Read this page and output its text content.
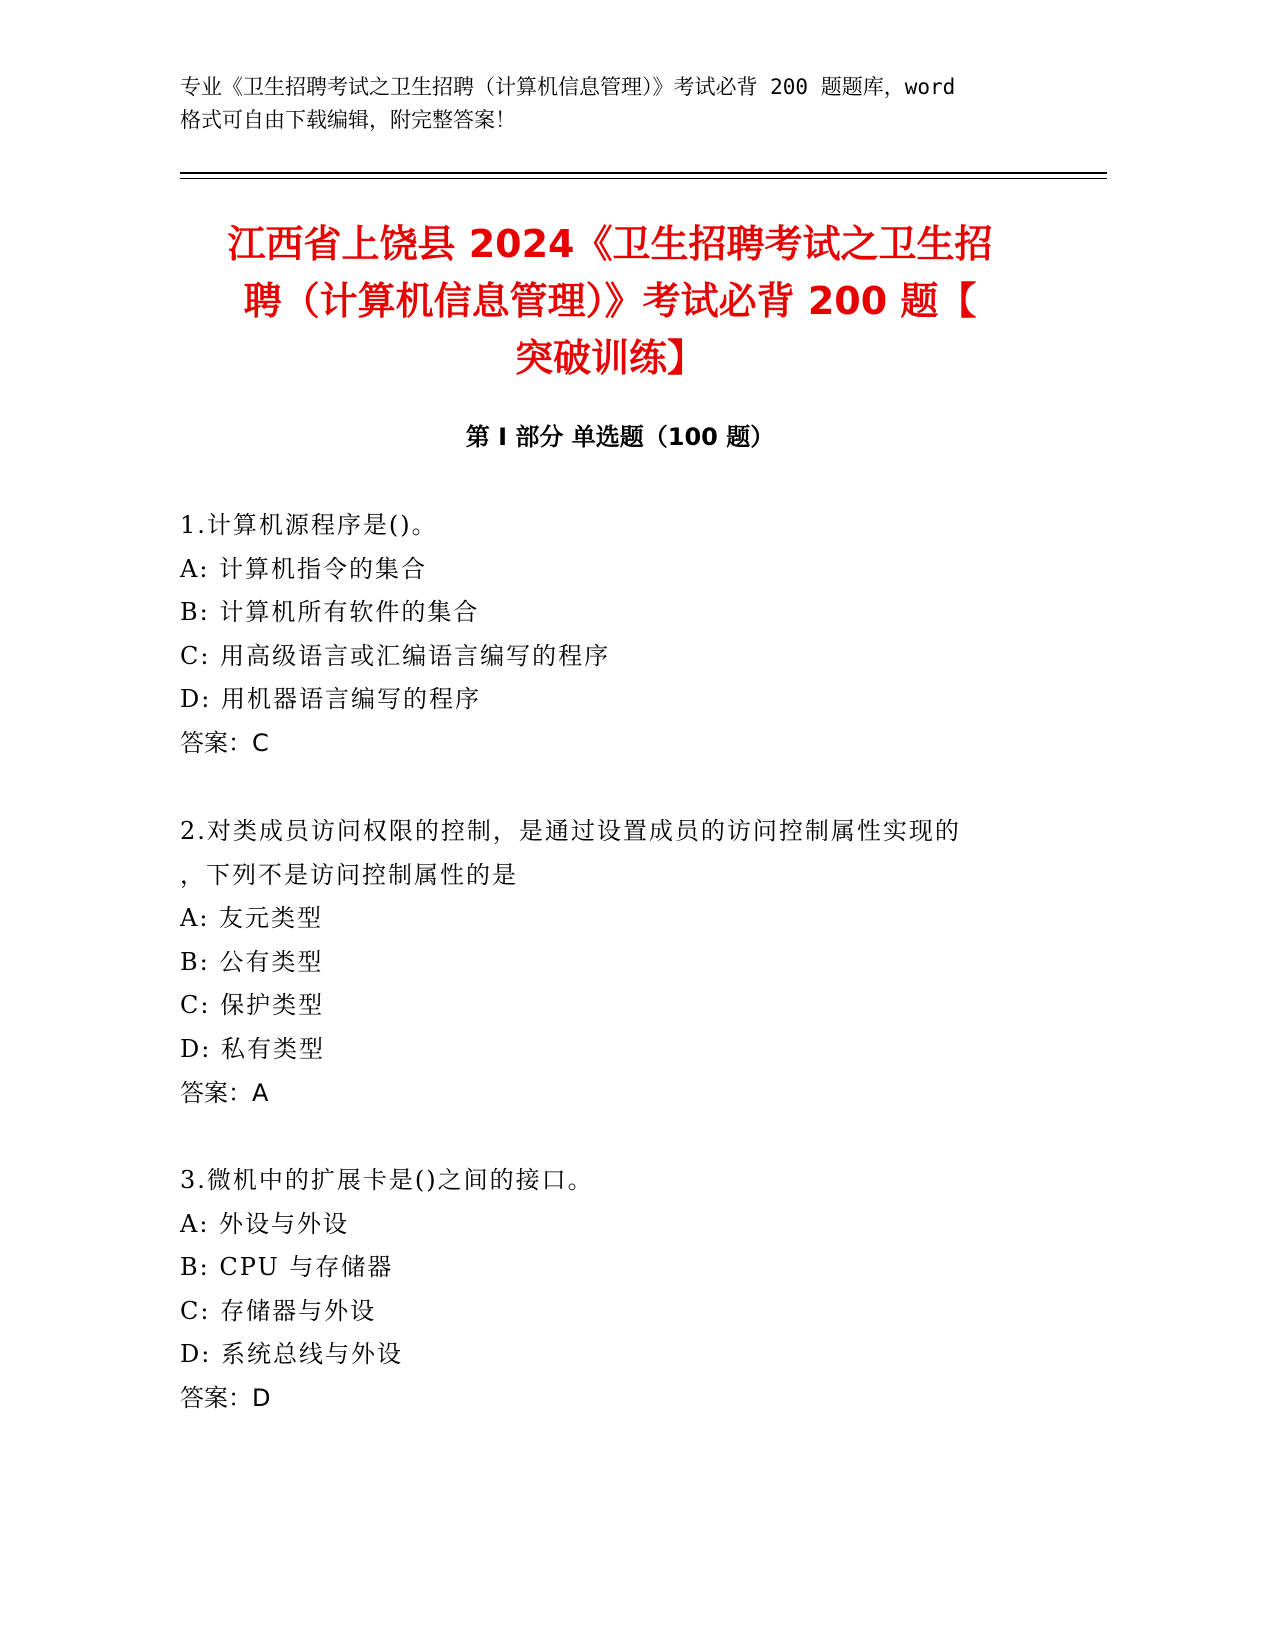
专业《卫生招聘考试之卫生招聘（计算机信息管理）》考试必背 200 题题库，word
格式可自由下载编辑，附完整答案！
江西省上饶县 2024《卫生招聘考试之卫生招
聘（计算机信息管理）》考试必背 200 题【
突破训练】
第 I 部分 单选题（100 题）
1.计算机源程序是()。
A: 计算机指令的集合
B: 计算机所有软件的集合
C: 用高级语言或汇编语言编写的程序
D: 用机器语言编写的程序
答案：C
2.对类成员访问权限的控制，是通过设置成员的访问控制属性实现的
，下列不是访问控制属性的是
A: 友元类型
B: 公有类型
C: 保护类型
D: 私有类型
答案：A
3.微机中的扩展卡是()之间的接口。
A: 外设与外设
B: CPU 与存储器
C: 存储器与外设
D: 系统总线与外设
答案：D
